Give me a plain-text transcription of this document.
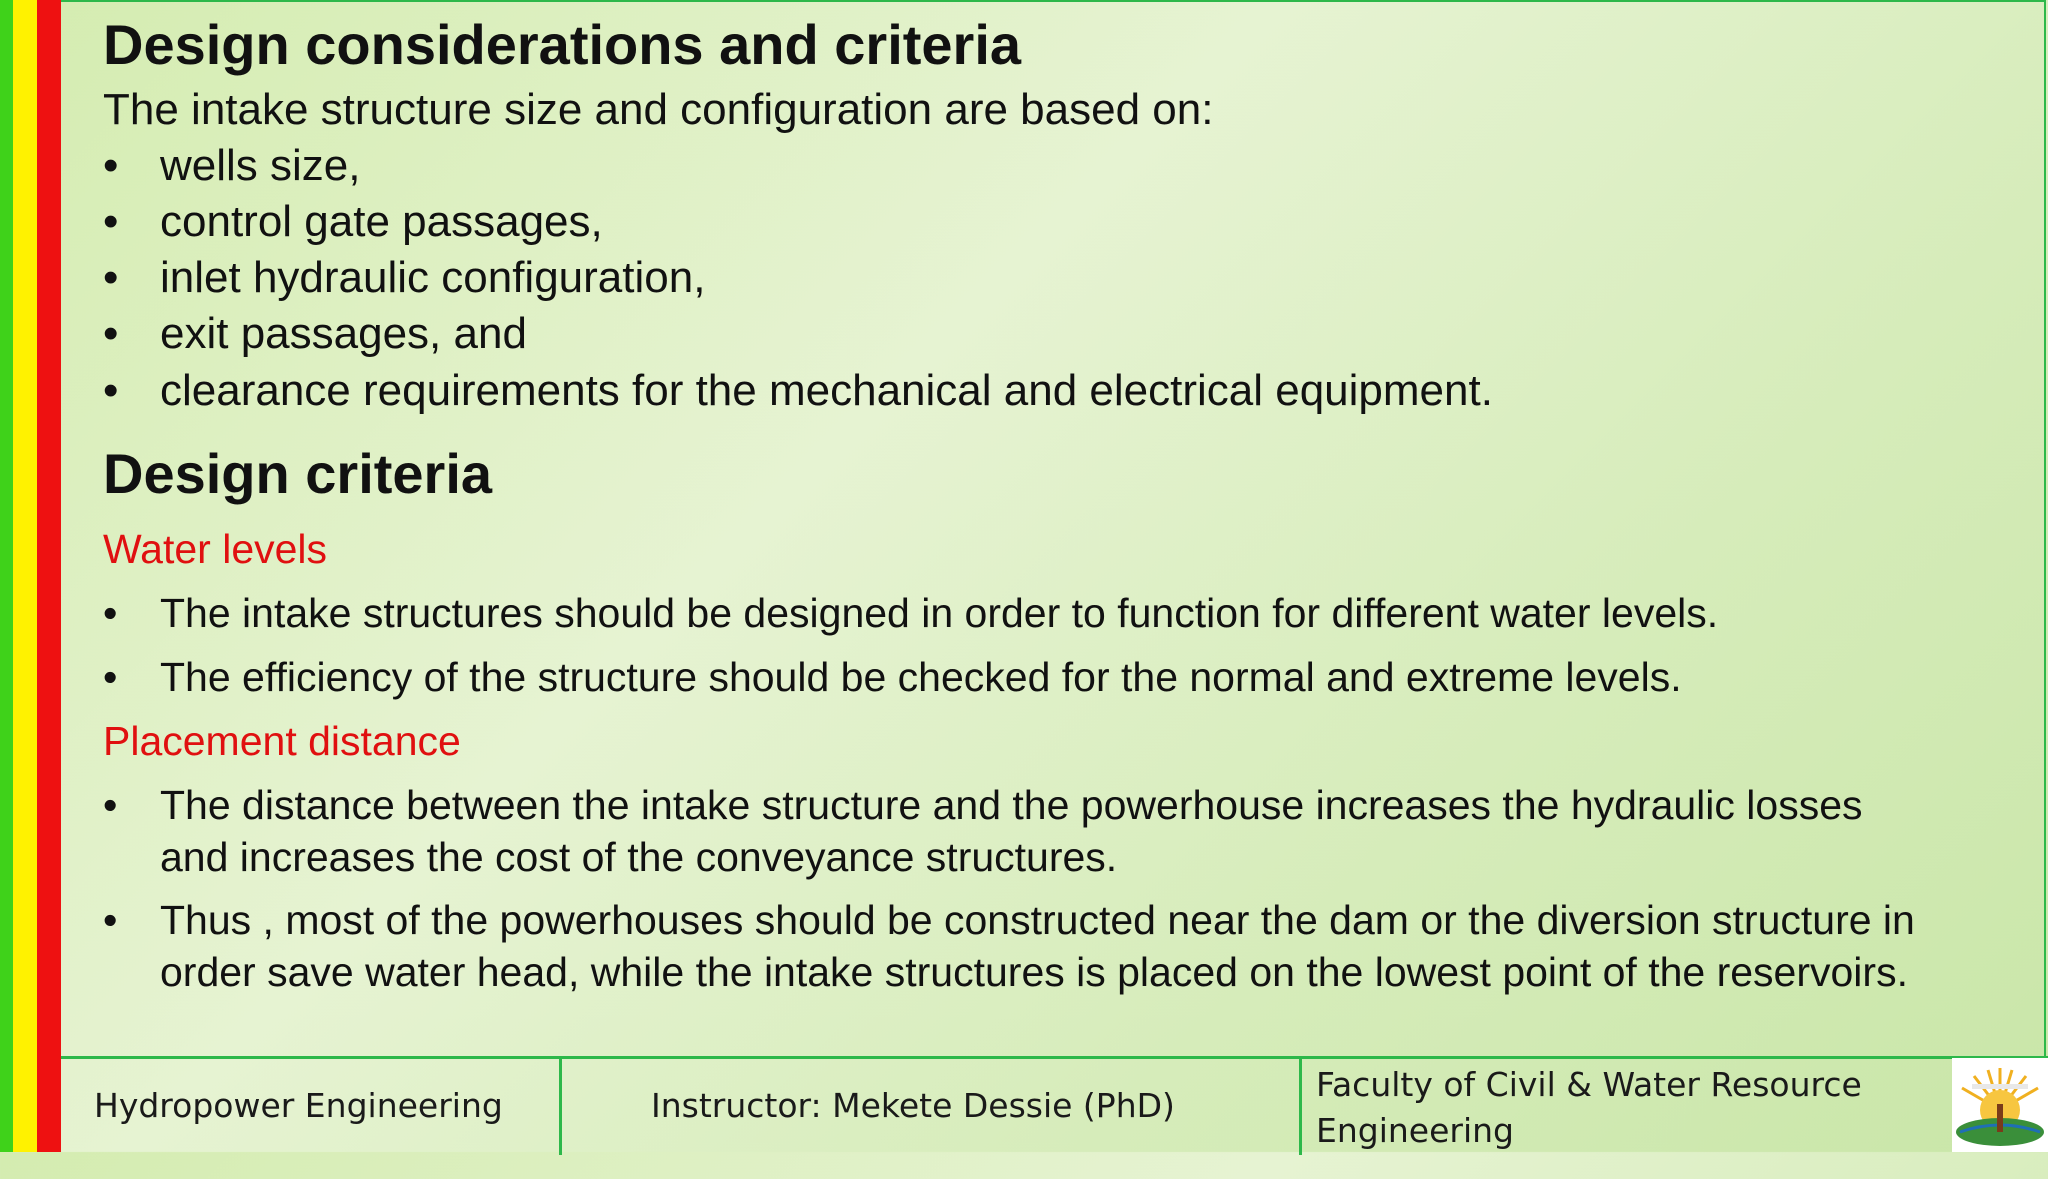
Design considerations and criteria
The intake structure size and configuration are based on:
• wells size,
• control gate passages,
• inlet hydraulic configuration,
• exit passages, and
• clearance requirements for the mechanical and electrical equipment.
Design criteria
Water levels
• The intake structures should be designed in order to function for different water levels.
• The efficiency of the structure should be checked for the normal and extreme levels.
Placement distance
• The distance between the intake structure and the powerhouse increases the hydraulic losses
and increases the cost of the conveyance structures.
• Thus , most of the powerhouses should be constructed near the dam or the diversion structure in
order save water head, while the intake structures is placed on the lowest point of the reservoirs.
Hydropower Engineering	Instructor: Mekete Dessie (PhD)
Faculty of Civil & Water Resource
Engineering
